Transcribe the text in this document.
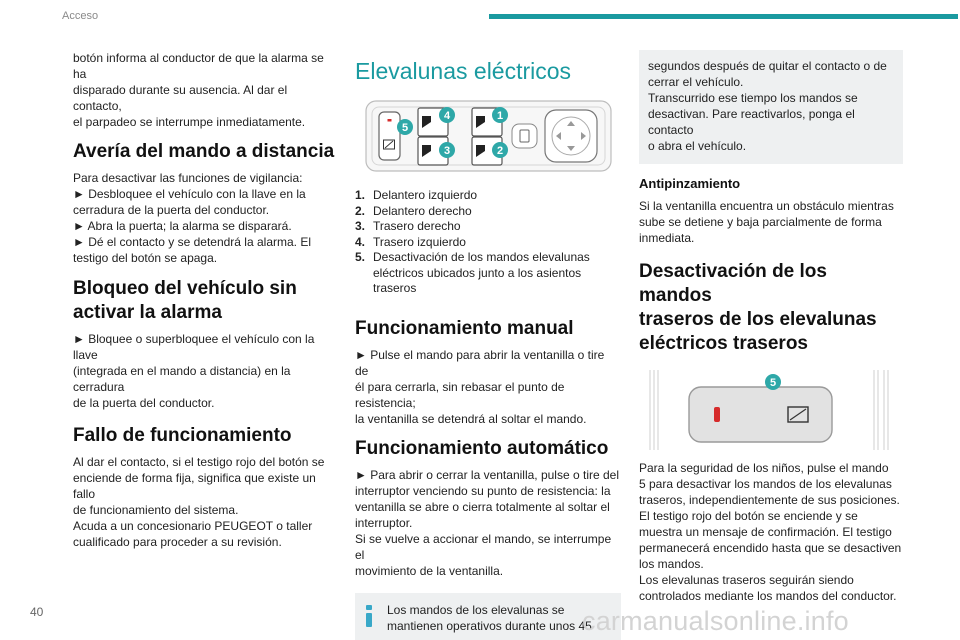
Acceso

botón informa al conductor de que la alarma se ha
disparado durante su ausencia. Al dar el contacto,
el parpadeo se interrumpe inmediatamente.

Avería del mando a distancia

Para desactivar las funciones de vigilancia:
► Desbloquee el vehículo con la llave en la
cerradura de la puerta del conductor.
► Abra la puerta; la alarma se disparará.
► Dé el contacto y se detendrá la alarma. El
testigo del botón se apaga.

Bloqueo del vehículo sin
activar la alarma

► Bloquee o superbloquee el vehículo con la llave
(integrada en el mando a distancia) en la cerradura
de la puerta del conductor.

Fallo de funcionamiento

Al dar el contacto, si el testigo rojo del botón se
enciende de forma fija, significa que existe un fallo
de funcionamiento del sistema.
Acuda a un concesionario PEUGEOT o taller
cualificado para proceder a su revisión.

Elevalunas eléctricos
5
4
3
1
2
1. Delantero izquierdo
2. Delantero derecho
3. Trasero derecho
4. Trasero izquierdo
5. Desactivación de los mandos elevalunas
eléctricos ubicados junto a los asientos traseros
Funcionamiento manual

► Pulse el mando para abrir la ventanilla o tire de
él para cerrarla, sin rebasar el punto de resistencia;
la ventanilla se detendrá al soltar el mando.

Funcionamiento automático

► Para abrir o cerrar la ventanilla, pulse o tire del
interruptor venciendo su punto de resistencia: la
ventanilla se abre o cierra totalmente al soltar el
interruptor.
Si se vuelve a accionar el mando, se interrumpe el
movimiento de la ventanilla.

Los mandos de los elevalunas se
mantienen operativos durante unos 45
segundos después de quitar el contacto o de
cerrar el vehículo.
Transcurrido ese tiempo los mandos se
desactivan. Pare reactivarlos, ponga el contacto
o abra el vehículo.
Antipinzamiento

Si la ventanilla encuentra un obstáculo mientras
sube se detiene y baja parcialmente de forma
inmediata.

Desactivación de los mandos
traseros de los elevalunas
eléctricos traseros
5

Para la seguridad de los niños, pulse el mando
5 para desactivar los mandos de los elevalunas
traseros, independientemente de sus posiciones.
El testigo rojo del botón se enciende y se
muestra un mensaje de confirmación. El testigo
permanecerá encendido hasta que se desactiven
los mandos.
Los elevalunas traseros seguirán siendo
controlados mediante los mandos del conductor.

40	carmanualsonline.info
